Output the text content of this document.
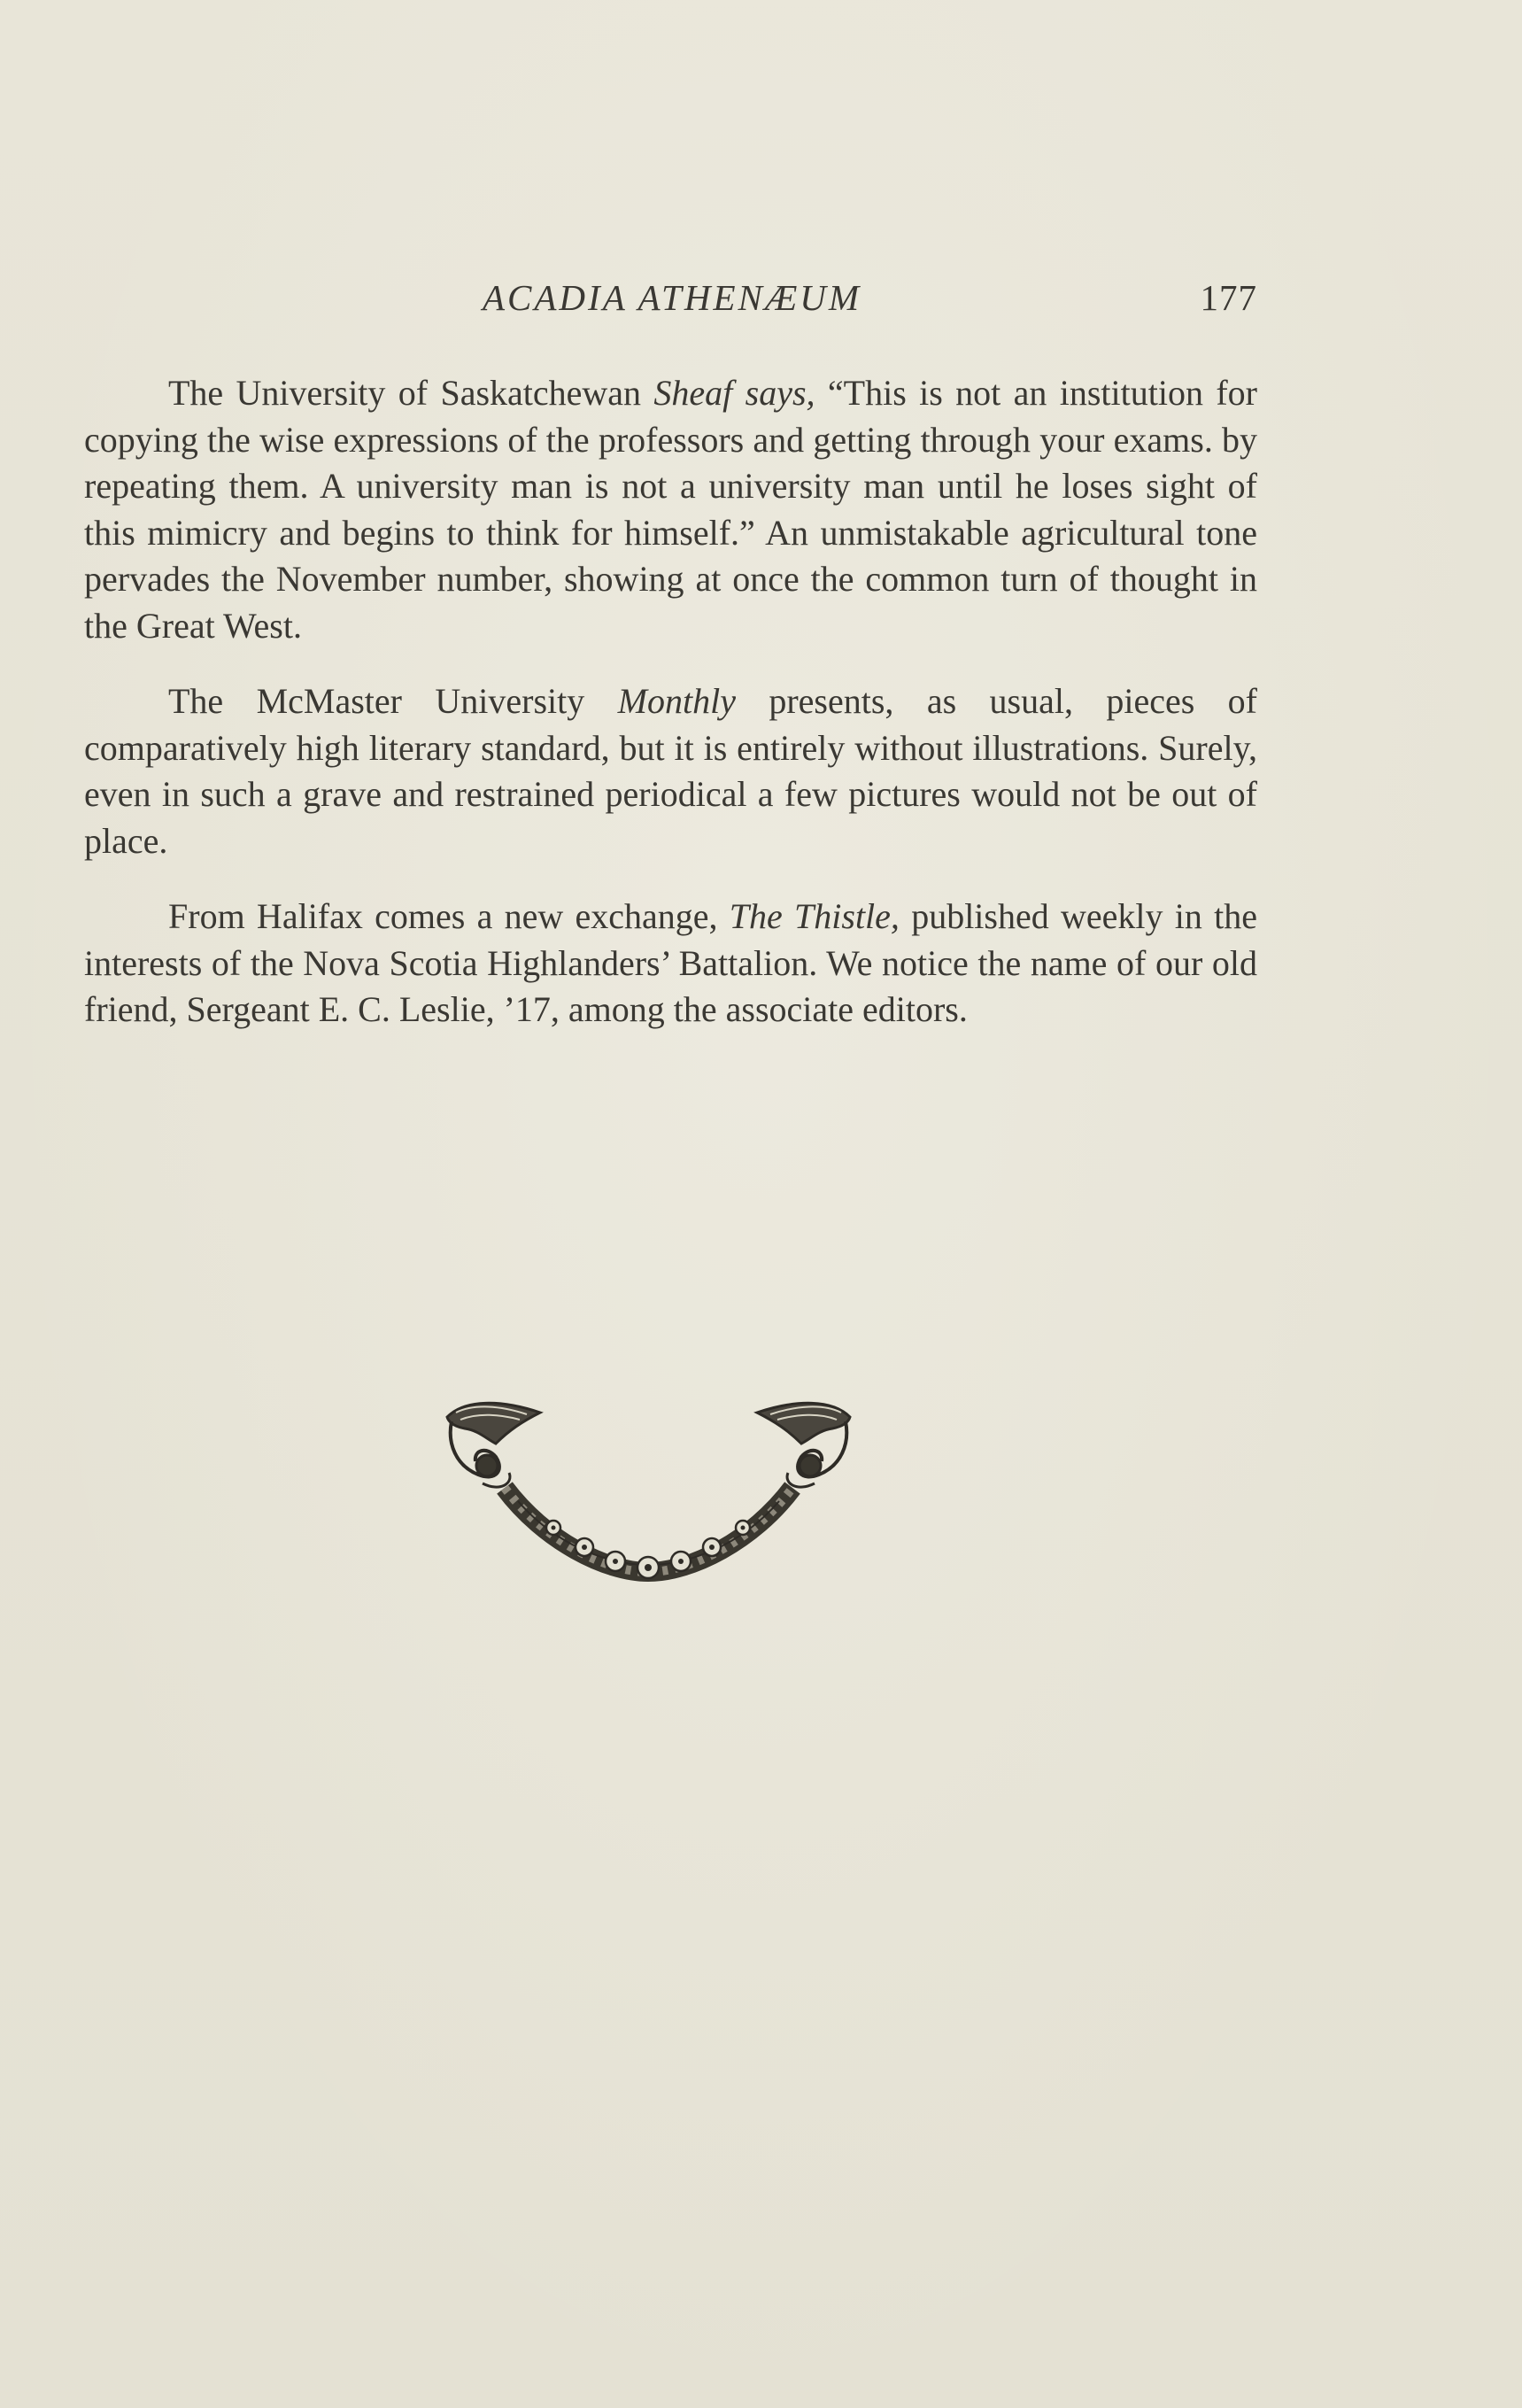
ACADIA ATHENÆUM	177

The University of Saskatchewan Sheaf says, “This is not an institution for copying the wise expressions of the professors and getting through your exams. by repeating them. A university man is not a university man until he loses sight of this mimicry and begins to think for himself.” An unmistakable agricultural tone pervades the November number, showing at once the common turn of thought in the Great West.

The McMaster University Monthly presents, as usual, pieces of comparatively high literary standard, but it is entirely without illustrations. Surely, even in such a grave and restrained periodical a few pictures would not be out of place.

From Halifax comes a new exchange, The Thistle, published weekly in the interests of the Nova Scotia Highlanders’ Battalion. We notice the name of our old friend, Sergeant E. C. Leslie, ’17, among the associate editors.
